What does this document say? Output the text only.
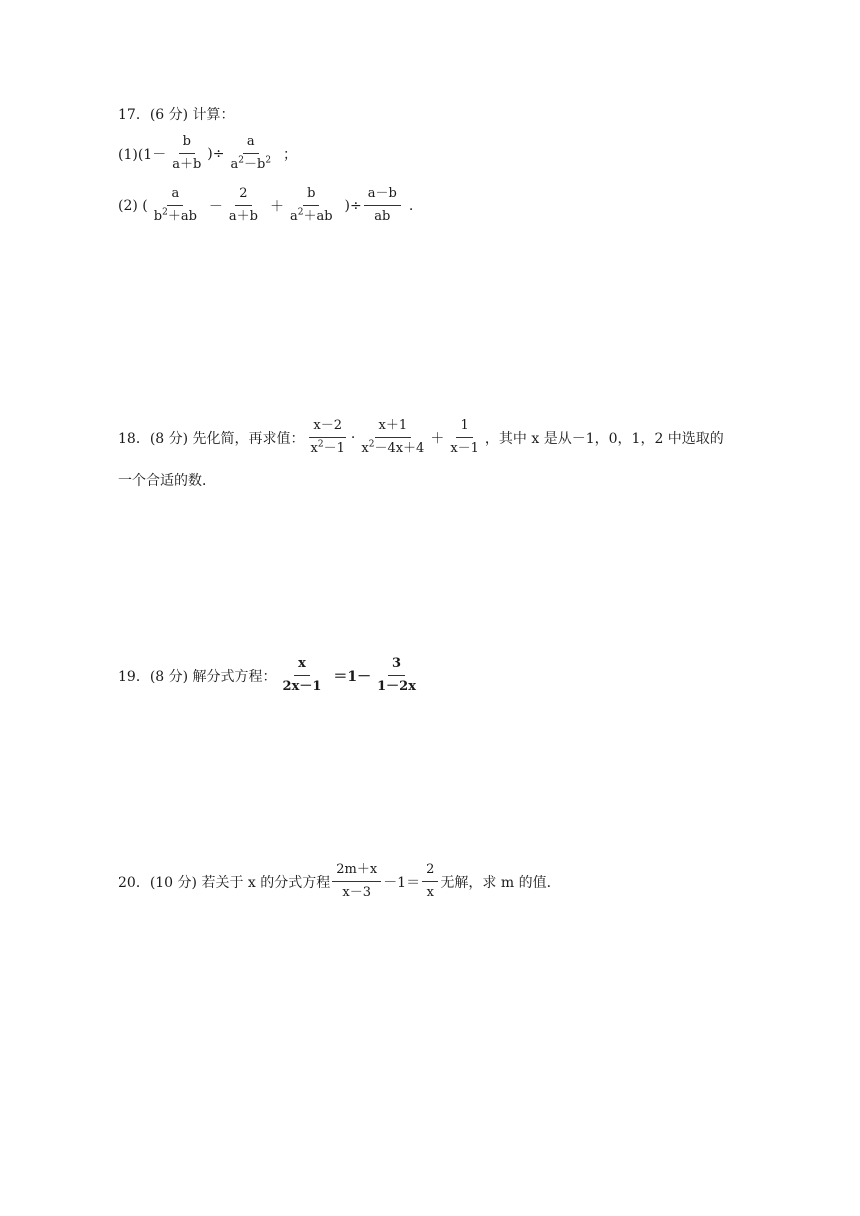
17．(6 分) 计算：
$(1)(1- \frac{b}{a+b}$ )÷ $\frac{a}{a^2-b^2}$ ；
(2) ( $\frac{a}{b^2+ab} - \frac{2}{a+b} + \frac{b}{a^2+ab}$ )÷ $\frac{a-b}{ab}$ .
18．(8 分) 先化简，再求值： $\frac{x-2}{x^2-1} \cdot \frac{x+1}{x^2-4x+4} + \frac{1}{x-1}$ ，其中 x 是从－1，0，1，2 中选取的
一个合适的数．
19．(8 分) 解分式方程： $\frac{x}{2x-1} =1- \frac{3}{1-2x}$
20．(10 分) 若关于 x 的分式方程 $\frac{2m+x}{x-3} -1= \frac{2}{x}$ 无解，求 m 的值．
